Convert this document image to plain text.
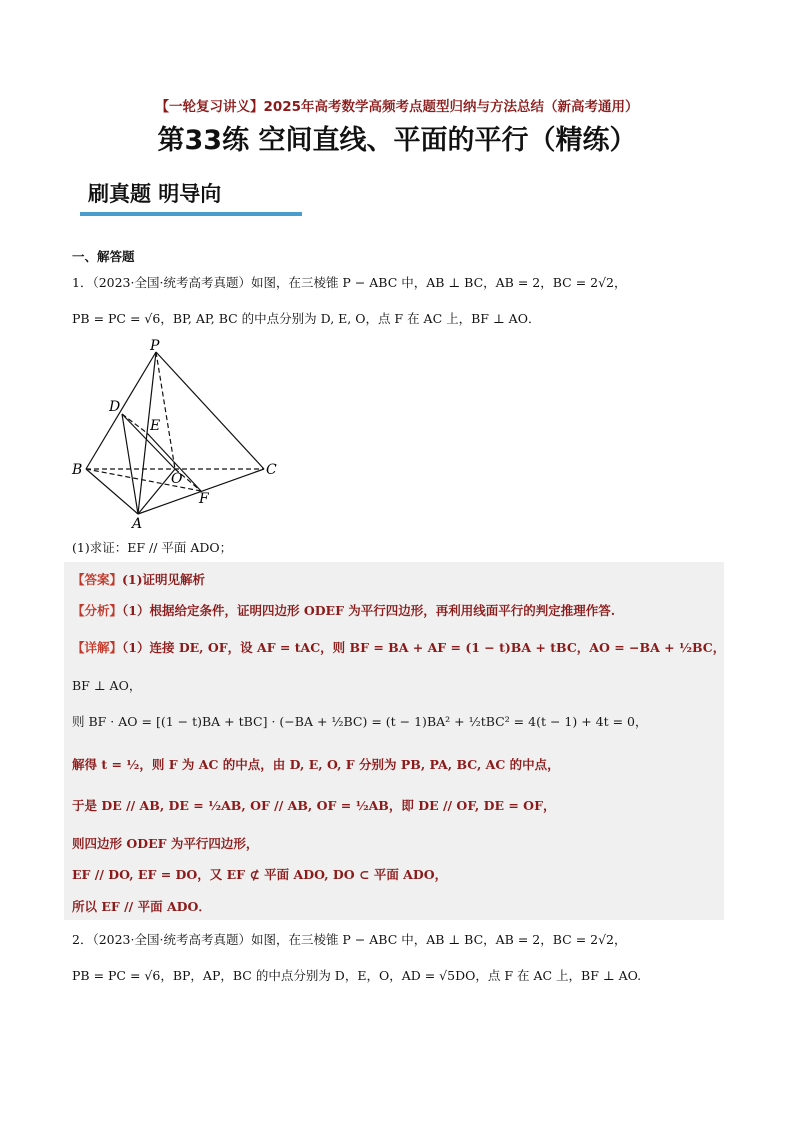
【一轮复习讲义】2025年高考数学高频考点题型归纳与方法总结（新高考通用）
第33练 空间直线、平面的平行（精练）
刷真题 明导向
一、解答题
1．（2023·全国·统考高考真题）如图，在三棱锥 P − ABC 中，AB ⊥ BC，AB = 2，BC = 2√2，
PB = PC = √6，BP, AP, BC 的中点分别为 D, E, O，点 F 在 AC 上，BF ⊥ AO．
P
D
E
B
O
C
F
A
(1)求证：EF // 平面 ADO；
【答案】(1)证明见解析
【分析】（1）根据给定条件，证明四边形 ODEF 为平行四边形，再利用线面平行的判定推理作答.
【详解】（1）连接 DE, OF，设 AF = tAC，则 BF = BA + AF = (1 − t)BA + tBC，AO = −BA + ½BC，
BF ⊥ AO，
则 BF · AO = [(1 − t)BA + tBC] · (−BA + ½BC) = (t − 1)BA² + ½tBC² = 4(t − 1) + 4t = 0，
解得 t = ½，则 F 为 AC 的中点，由 D, E, O, F 分别为 PB, PA, BC, AC 的中点，
于是 DE // AB, DE = ½AB, OF // AB, OF = ½AB，即 DE // OF, DE = OF，
则四边形 ODEF 为平行四边形，
EF // DO, EF = DO，又 EF ⊄ 平面 ADO, DO ⊂ 平面 ADO，
所以 EF // 平面 ADO．
2．（2023·全国·统考高考真题）如图，在三棱锥 P − ABC 中，AB ⊥ BC，AB = 2，BC = 2√2，
PB = PC = √6，BP，AP，BC 的中点分别为 D，E，O，AD = √5DO，点 F 在 AC 上，BF ⊥ AO.
